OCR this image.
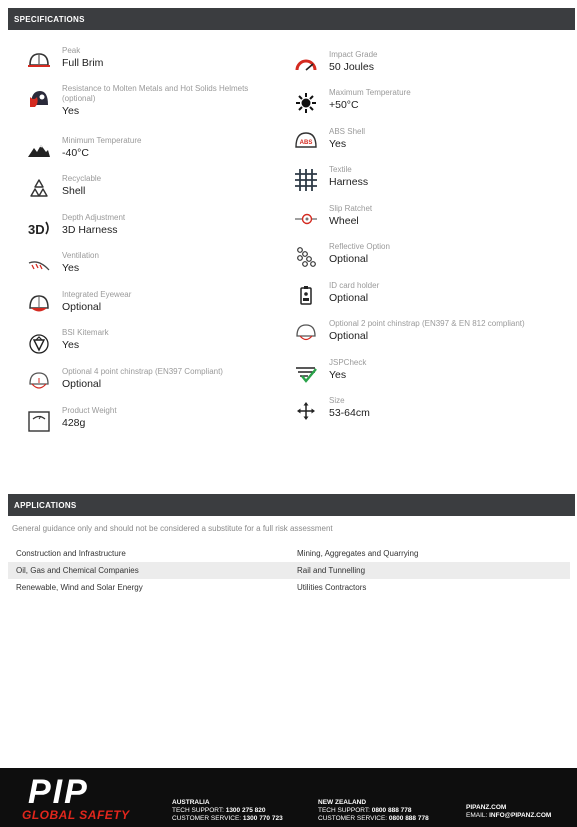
SPECIFICATIONS
Peak
Full Brim
Resistance to Molten Metals and Hot Solids Helmets (optional)
Yes
Minimum Temperature
-40°C
Recyclable
Shell
3D
Depth Adjustment
3D Harness
Ventilation
Yes
Integrated Eyewear
Optional
BSI Kitemark
Yes
Optional 4 point chinstrap (EN397 Compliant)
Optional
Product Weight
428g
Impact Grade
50 Joules
Maximum Temperature
+50°C
ABS
ABS Shell
Yes
Textile
Harness
Slip Ratchet
Wheel
Reflective Option
Optional
ID card holder
Optional
Optional 2 point chinstrap (EN397 & EN 812 compliant)
Optional
JSPCheck
Yes
Size
53-64cm
APPLICATIONS
General guidance only and should not be considered a substitute for a full risk assessment
Construction and Infrastructure	Mining, Aggregates and Quarrying
Oil, Gas and Chemical Companies	Rail and Tunnelling
Renewable, Wind and Solar Energy	Utilities Contractors
PIP
GLOBAL SAFETY
AUSTRALIA
TECH SUPPORT: 1300 275 820
CUSTOMER SERVICE: 1300 770 723
NEW ZEALAND
TECH SUPPORT: 0800 888 778
CUSTOMER SERVICE: 0800 888 778
PIPANZ.COM
EMAIL: INFO@PIPANZ.COM
